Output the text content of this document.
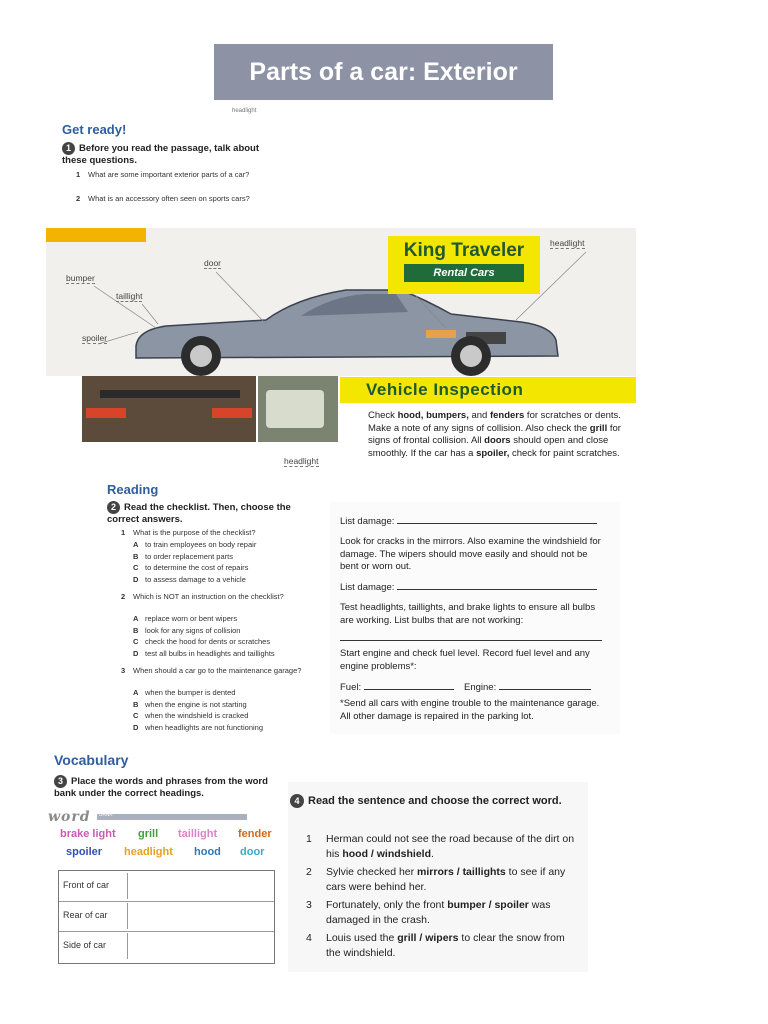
Parts of a car: Exterior
headlight
Get ready!
1 Before you read the passage, talk about these questions.
1 What are some important exterior parts of a car?
2 What is an accessory often seen on sports cars?
door
bumper
taillight
spoiler
headlight
King Traveler
Rental Cars
headlight
Vehicle Inspection
Check hood, bumpers, and fenders for scratches or dents. Make a note of any signs of collision. Also check the grill for signs of frontal collision. All doors should open and close smoothly. If the car has a spoiler, check for paint scratches.
Reading
2 Read the checklist. Then, choose the correct answers.
1 What is the purpose of the checklist?
A to train employees on body repair
B to order replacement parts
C to determine the cost of repairs
D to assess damage to a vehicle
2 Which is NOT an instruction on the checklist?
A replace worn or bent wipers
B look for any signs of collision
C check the hood for dents or scratches
D test all bulbs in headlights and taillights
3 When should a car go to the maintenance garage?
A when the bumper is dented
B when the engine is not starting
C when the windshield is cracked
D when headlights are not functioning
List damage:
Look for cracks in the mirrors. Also examine the windshield for damage. The wipers should move easily and should not be bent or worn out.
List damage:
Test headlights, taillights, and brake lights to ensure all bulbs are working. List bulbs that are not working:
Start engine and check fuel level. Record fuel level and any engine problems*:
Fuel:	Engine:
*Send all cars with engine trouble to the maintenance garage. All other damage is repaired in the parking lot.
Vocabulary
3 Place the words and phrases from the word bank under the correct headings.
word BANK
brake light grill taillight fender
spoiler headlight hood door
Front of car
Rear of car
Side of car
4 Read the sentence and choose the correct word.
1 Herman could not see the road because of the dirt on his hood / windshield.
2 Sylvie checked her mirrors / taillights to see if any cars were behind her.
3 Fortunately, only the front bumper / spoiler was damaged in the crash.
4 Louis used the grill / wipers to clear the snow from the windshield.
